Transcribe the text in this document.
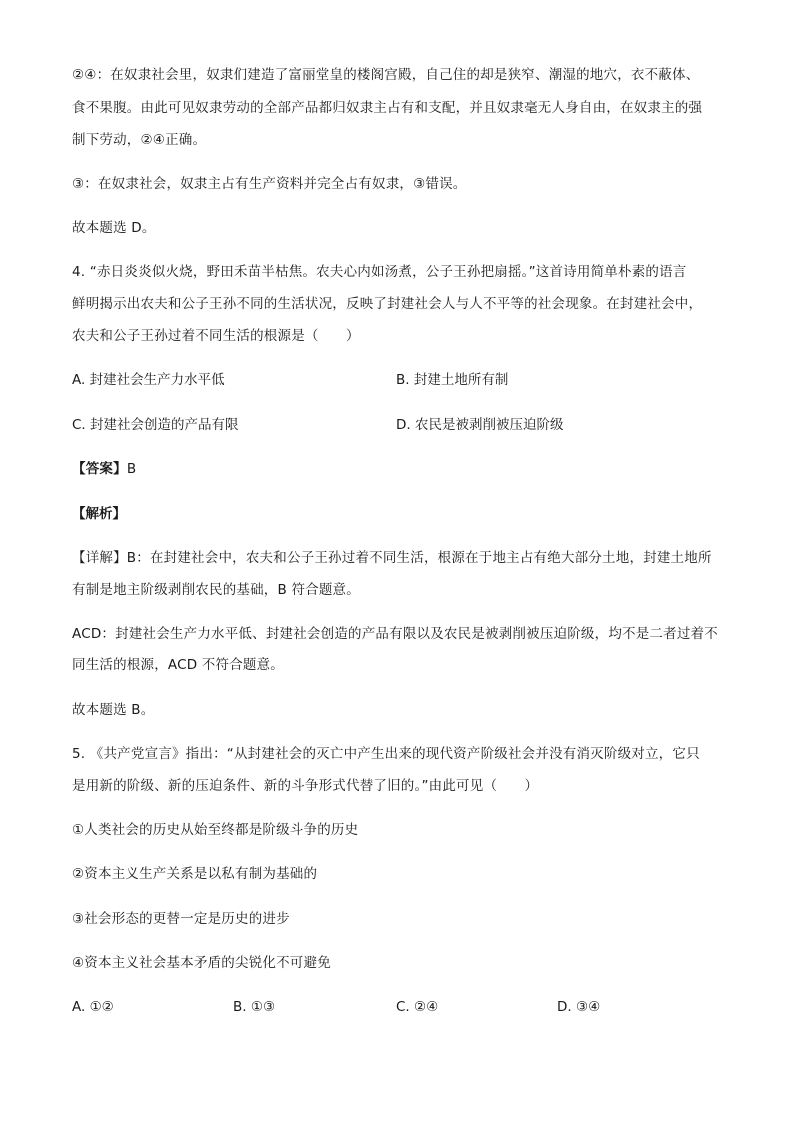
②④：在奴隶社会里，奴隶们建造了富丽堂皇的楼阁宫殿，自己住的却是狭窄、潮湿的地穴，衣不蔽体、
食不果腹。由此可见奴隶劳动的全部产品都归奴隶主占有和支配，并且奴隶毫无人身自由，在奴隶主的强
制下劳动，②④正确。
③：在奴隶社会，奴隶主占有生产资料并完全占有奴隶，③错误。
故本题选 D。
4. “赤日炎炎似火烧，野田禾苗半枯焦。农夫心内如汤煮，公子王孙把扇摇。”这首诗用简单朴素的语言
鲜明揭示出农夫和公子王孙不同的生活状况，反映了封建社会人与人不平等的社会现象。在封建社会中，
农夫和公子王孙过着不同生活的根源是（　　）
A. 封建社会生产力水平低	B. 封建土地所有制
C. 封建社会创造的产品有限	D. 农民是被剥削被压迫阶级
【答案】B
【解析】
【详解】B：在封建社会中，农夫和公子王孙过着不同生活，根源在于地主占有绝大部分土地，封建土地所
有制是地主阶级剥削农民的基础，B 符合题意。
ACD：封建社会生产力水平低、封建社会创造的产品有限以及农民是被剥削被压迫阶级，均不是二者过着不
同生活的根源，ACD 不符合题意。
故本题选 B。
5. 《共产党宣言》指出：“从封建社会的灭亡中产生出来的现代资产阶级社会并没有消灭阶级对立，它只
是用新的阶级、新的压迫条件、新的斗争形式代替了旧的。”由此可见（　　）
①人类社会的历史从始至终都是阶级斗争的历史
②资本主义生产关系是以私有制为基础的
③社会形态的更替一定是历史的进步
④资本主义社会基本矛盾的尖锐化不可避免
A. ①②	B. ①③	C. ②④	D. ③④
